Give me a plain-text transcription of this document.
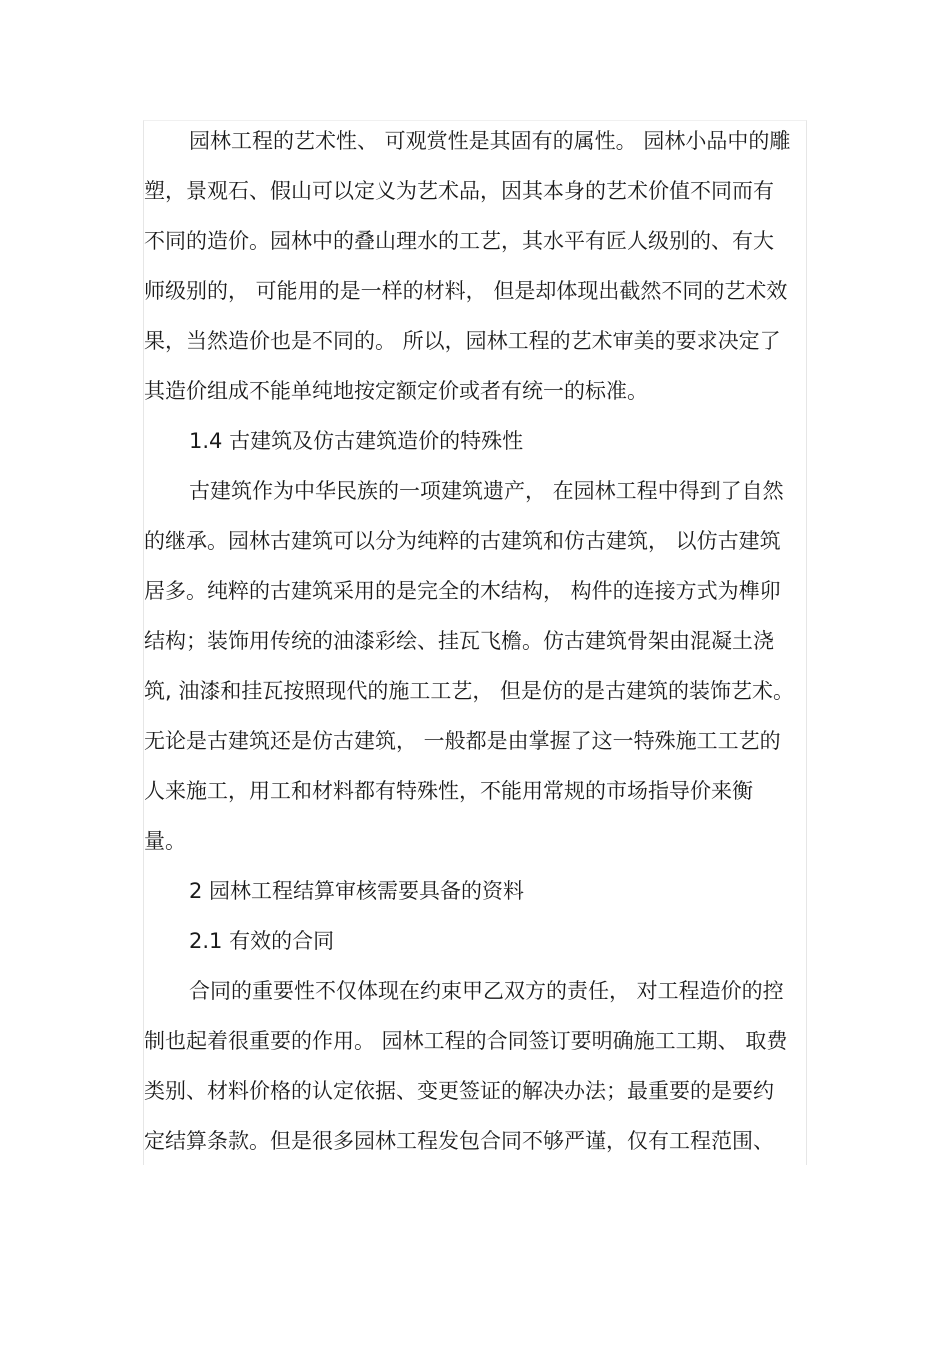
园林工程的艺术性、 可观赏性是其固有的属性。 园林小品中的雕
塑，景观石、假山可以定义为艺术品，因其本身的艺术价值不同而有
不同的造价。园林中的叠山理水的工艺，其水平有匠人级别的、有大
师级别的， 可能用的是一样的材料， 但是却体现出截然不同的艺术效
果，当然造价也是不同的。 所以，园林工程的艺术审美的要求决定了
其造价组成不能单纯地按定额定价或者有统一的标准。
1.4 古建筑及仿古建筑造价的特殊性
古建筑作为中华民族的一项建筑遗产， 在园林工程中得到了自然
的继承。园林古建筑可以分为纯粹的古建筑和仿古建筑， 以仿古建筑
居多。纯粹的古建筑采用的是完全的木结构， 构件的连接方式为榫卯
结构；装饰用传统的油漆彩绘、挂瓦飞檐。仿古建筑骨架由混凝土浇
筑, 油漆和挂瓦按照现代的施工工艺， 但是仿的是古建筑的装饰艺术。
无论是古建筑还是仿古建筑， 一般都是由掌握了这一特殊施工工艺的
人来施工，用工和材料都有特殊性，不能用常规的市场指导价来衡
量。
2 园林工程结算审核需要具备的资料
2.1 有效的合同
合同的重要性不仅体现在约束甲乙双方的责任， 对工程造价的控
制也起着很重要的作用。 园林工程的合同签订要明确施工工期、 取费
类别、材料价格的认定依据、变更签证的解决办法；最重要的是要约
定结算条款。但是很多园林工程发包合同不够严谨，仅有工程范围、
